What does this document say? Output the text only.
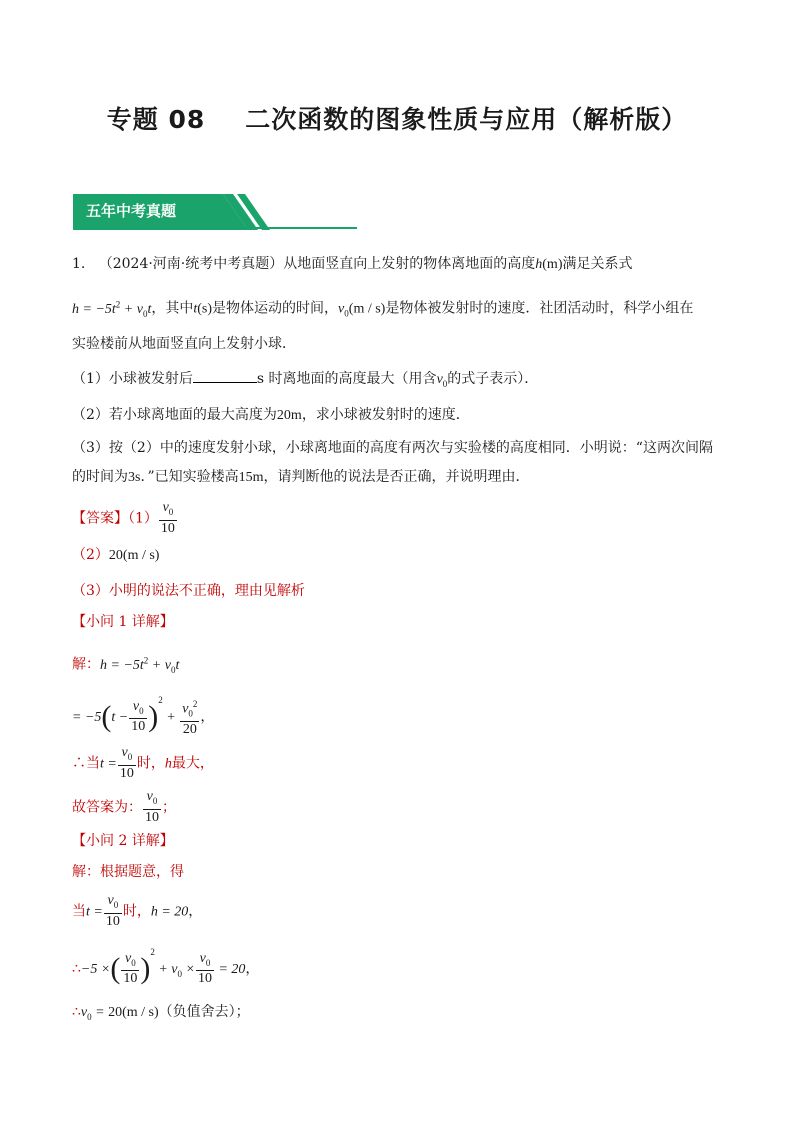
专题 08 二次函数的图象性质与应用（解析版）
五年中考真题
1. （2024·河南·统考中考真题）从地面竖直向上发射的物体离地面的高度h(m)满足关系式
$h = -5t^2 + v_0t$，其中t(s)是物体运动的时间，$v_0(m / s)$是物体被发射时的速度．社团活动时，科学小组在
实验楼前从地面竖直向上发射小球．
（1）小球被发射后	s 时离地面的高度最大（用含$v_0$的式子表示）．
（2）若小球离地面的最大高度为20m，求小球被发射时的速度．
（3）按（2）中的速度发射小球，小球离地面的高度有两次与实验楼的高度相同．小明说：“这两次间隔
的时间为3s．”已知实验楼高15m，请判断他的说法是否正确，并说明理由．
【答案】$(1) \frac{v_0}{10}$
（2）20(m / s)
（3）小明的说法不正确，理由见解析
【小问 1 详解】
解：$h = -5t^2 + v_0t$
= $-5(t - \frac{v_0}{10} )^2 + \frac{v_0^2}{20}$ ，
∴当$t = \frac{v_0}{10}$ 时，h最大，
故答案为： $\frac{v_0}{10}$ ；
【小问 2 详解】
解：根据题意，得
当$t = \frac{v_0}{10}$ 时，h = 20，
∴−5 ×( $\frac{v_0}{10} )^2 + v_0 \times \frac{v_0}{10} = 20$，
$\therefore v_0 = 20(m / s)$（负值舍去）；
